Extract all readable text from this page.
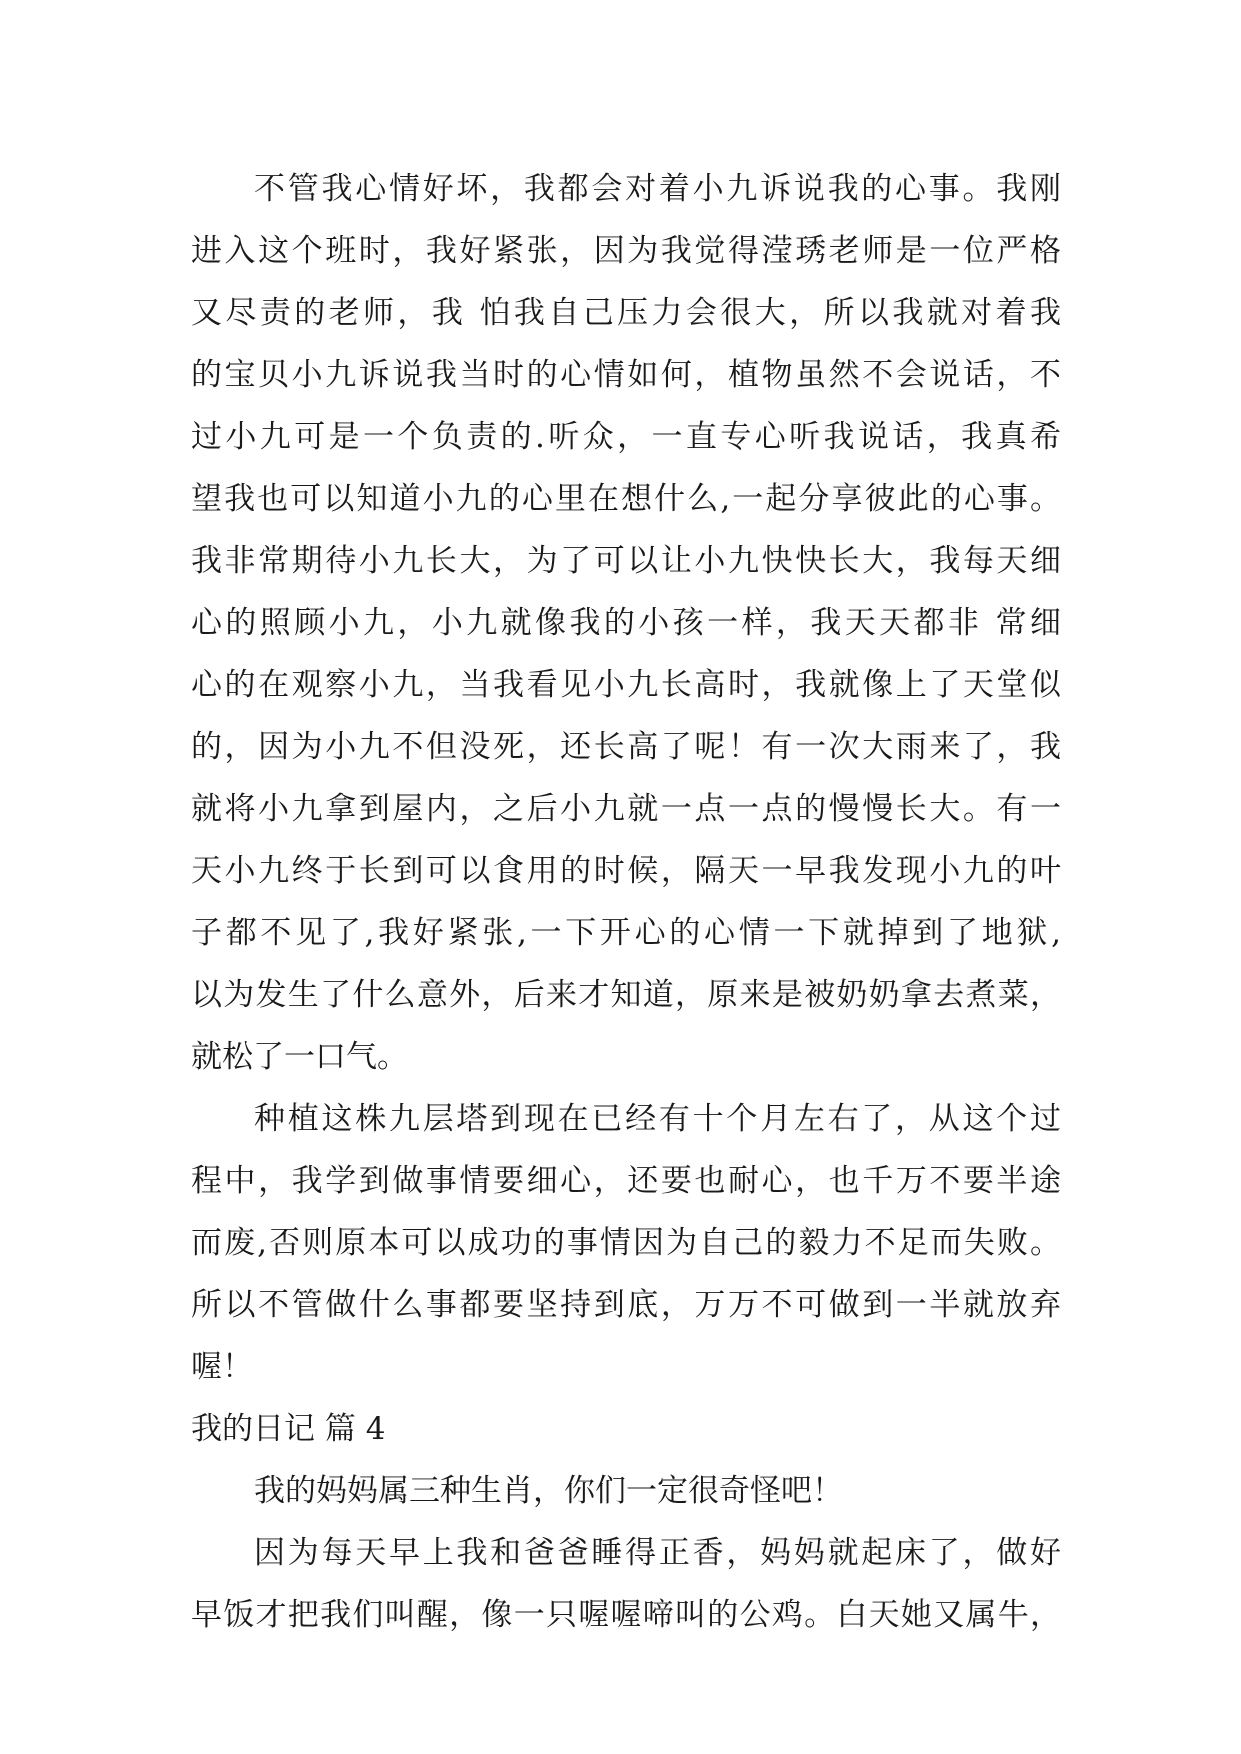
不管我心情好坏，我都会对着小九诉说我的心事。我刚
进入这个班时，我好紧张，因为我觉得滢琇老师是一位严格
又尽责的老师，我 怕我自己压力会很大，所以我就对着我
的宝贝小九诉说我当时的心情如何，植物虽然不会说话，不
过小九可是一个负责的.听众，一直专心听我说话，我真希
望我也可以知道小九的心里在想什么,一起分享彼此的心事。
我非常期待小九长大，为了可以让小九快快长大，我每天细
心的照顾小九，小九就像我的小孩一样，我天天都非 常细
心的在观察小九，当我看见小九长高时，我就像上了天堂似
的，因为小九不但没死，还长高了呢！有一次大雨来了，我
就将小九拿到屋内，之后小九就一点一点的慢慢长大。有一
天小九终于长到可以食用的时候，隔天一早我发现小九的叶
子都不见了,我好紧张,一下开心的心情一下就掉到了地狱,
以为发生了什么意外，后来才知道，原来是被奶奶拿去煮菜，
就松了一口气。
种植这株九层塔到现在已经有十个月左右了，从这个过
程中，我学到做事情要细心，还要也耐心，也千万不要半途
而废,否则原本可以成功的事情因为自己的毅力不足而失败。
所以不管做什么事都要坚持到底，万万不可做到一半就放弃
喔！
我的日记 篇 4
我的妈妈属三种生肖，你们一定很奇怪吧！
因为每天早上我和爸爸睡得正香，妈妈就起床了，做好
早饭才把我们叫醒，像一只喔喔啼叫的公鸡。白天她又属牛，
